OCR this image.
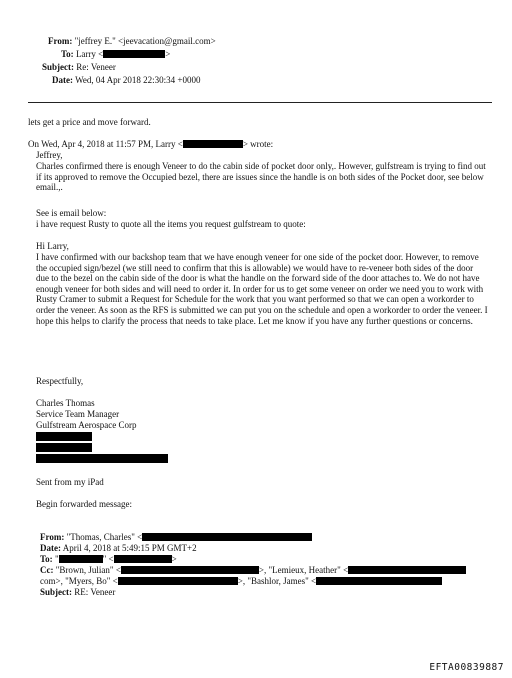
From: "jeffrey E." <jeevacation@gmail.com>
To: Larry <	>
Subject: Re: Veneer
Date: Wed, 04 Apr 2018 22:30:34 +0000
lets get a price and move forward.
On Wed, Apr 4, 2018 at 11:57 PM, Larry <	> wrote:
Jeffrey,
Charles confirmed there is enough Veneer to do the cabin side of pocket door only,. However, gulfstream is trying to find out if its approved to remove the Occupied bezel, there are issues since the handle is on both sides of the Pocket door, see below email.,.
See is email below:
i have request Rusty to quote all the items you request gulfstream to quote:
Hi Larry,
I have confirmed with our backshop team that we have enough veneer for one side of the pocket door. However, to remove the occupied sign/bezel (we still need to confirm that this is allowable) we would have to re-veneer both sides of the door due to the bezel on the cabin side of the door is what the handle on the forward side of the door attaches to. We do not have enough veneer for both sides and will need to order it. In order for us to get some veneer on order we need you to work with Rusty Cramer to submit a Request for Schedule for the work that you want performed so that we can open a workorder to order the veneer. As soon as the RFS is submitted we can put you on the schedule and open a workorder to order the veneer. I hope this helps to clarify the process that needs to take place. Let me know if you have any further questions or concerns.
Respectfully,
Charles Thomas
Service Team Manager
Gulfstream Aerospace Corp
Sent from my iPad
Begin forwarded message:
From: "Thomas, Charles" <
Date: April 4, 2018 at 5:49:15 PM GMT+2
To: "	" <	>
Cc: "Brown, Julian" <	>, "Lemieux, Heather" <
com>, "Myers, Bo" <	>, "Bashlor, James" <
Subject: RE: Veneer
EFTA00839887
